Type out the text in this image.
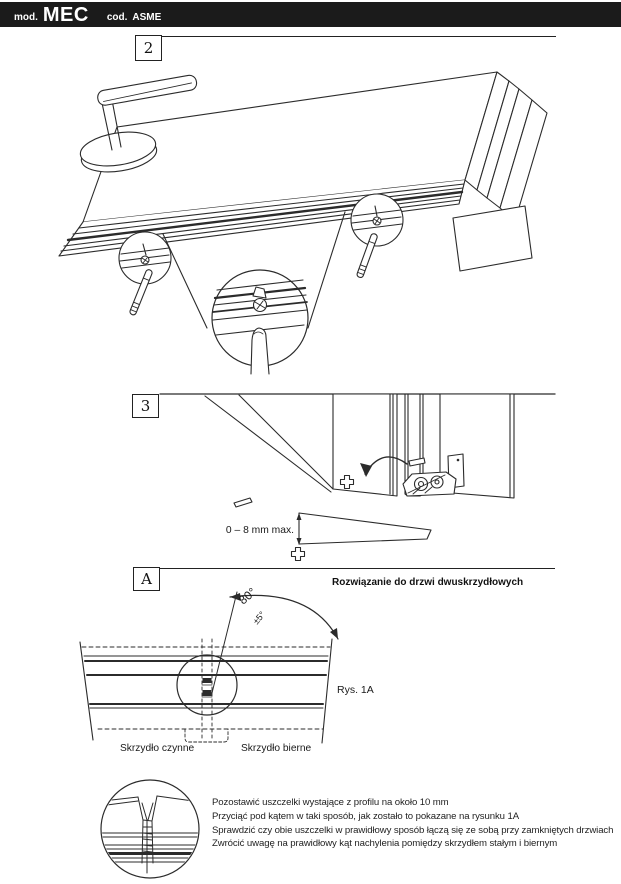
mod. MEC cod. ASME
2
3
0 – 8 mm max.
A	Rozwiązanie do drzwi dwuskrzydłowych
80°
±5°
Skrzydło czynne	Skrzydło bierne
Rys. 1A
Pozostawić uszczelki wystające z profilu na około 10 mm
Przyciąć pod kątem w taki sposób, jak zostało to pokazane na rysunku 1A
Sprawdzić czy obie uszczelki w prawidłowy sposób łączą się ze sobą przy zamkniętych drzwiach
Zwrócić uwagę na prawidłowy kąt nachylenia pomiędzy skrzydłem stałym i biernym
